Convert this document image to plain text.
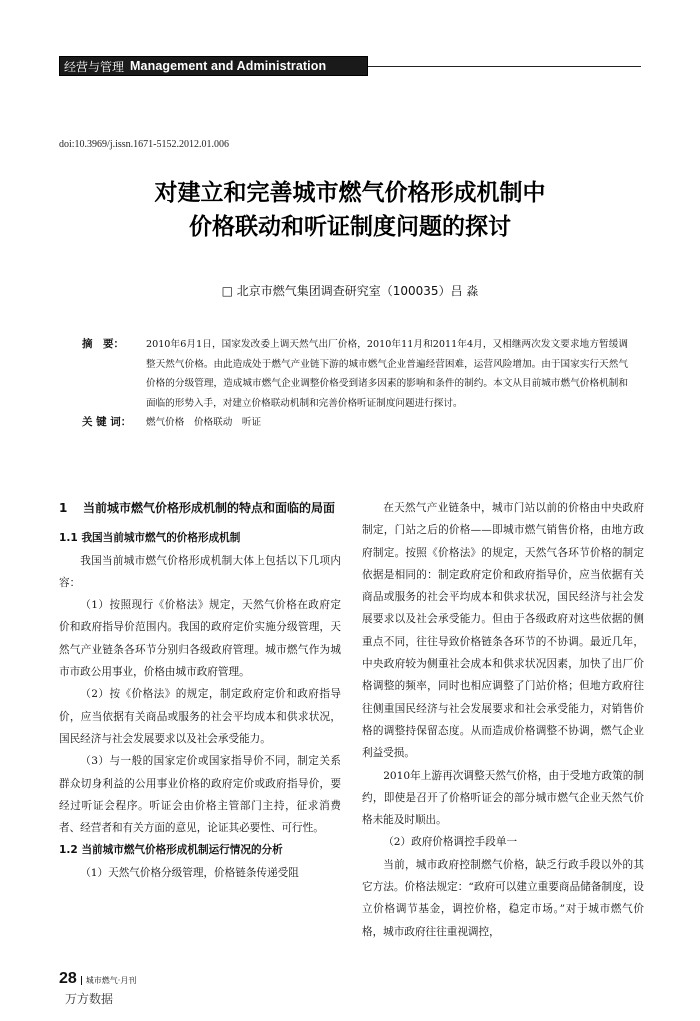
经营与管理 Management and Administration
doi:10.3969/j.issn.1671-5152.2012.01.006
对建立和完善城市燃气价格形成机制中
价格联动和听证制度问题的探讨
□ 北京市燃气集团调查研究室（100035）吕 淼
摘　要：	2010年6月1日，国家发改委上调天然气出厂价格，2010年11月和2011年4月，又相继两次发文要求地方暂缓调整天然气价格。由此造成处于燃气产业链下游的城市燃气企业普遍经营困难，运营风险增加。由于国家实行天然气价格的分级管理，造成城市燃气企业调整价格受到诸多因素的影响和条件的制约。本文从目前城市燃气价格机制和面临的形势入手，对建立价格联动机制和完善价格听证制度问题进行探讨。
关 键 词：	燃气价格　价格联动　听证
1	当前城市燃气价格形成机制的特点和面临的局面
1.1 我国当前城市燃气的价格形成机制

我国当前城市燃气价格形成机制大体上包括以下几项内容：

（1）按照现行《价格法》规定，天然气价格在政府定价和政府指导价范围内。我国的政府定价实施分级管理，天然气产业链条各环节分别归各级政府管理。城市燃气作为城市市政公用事业，价格由城市政府管理。

（2）按《价格法》的规定，制定政府定价和政府指导价，应当依据有关商品或服务的社会平均成本和供求状况，国民经济与社会发展要求以及社会承受能力。

（3）与一般的国家定价或国家指导价不同，制定关系群众切身利益的公用事业价格的政府定价或政府指导价，要经过听证会程序。听证会由价格主管部门主持，征求消费者、经营者和有关方面的意见，论证其必要性、可行性。

1.2 当前城市燃气价格形成机制运行情况的分析

（1）天然气价格分级管理，价格链条传递受阻

在天然气产业链条中，城市门站以前的价格由中央政府制定，门站之后的价格——即城市燃气销售价格，由地方政府制定。按照《价格法》的规定，天然气各环节价格的制定依据是相同的：制定政府定价和政府指导价，应当依据有关商品或服务的社会平均成本和供求状况，国民经济与社会发展要求以及社会承受能力。但由于各级政府对这些依据的侧重点不同，往往导致价格链条各环节的不协调。最近几年，中央政府较为侧重社会成本和供求状况因素，加快了出厂价格调整的频率，同时也相应调整了门站价格；但地方政府往往侧重国民经济与社会发展要求和社会承受能力，对销售价格的调整持保留态度。从而造成价格调整不协调，燃气企业利益受损。

2010年上游再次调整天然气价格，由于受地方政策的制约，即使是召开了价格听证会的部分城市燃气企业天然气价格未能及时顺出。

（2）政府价格调控手段单一

当前，城市政府控制燃气价格，缺乏行政手段以外的其它方法。价格法规定：“政府可以建立重要商品储备制度，设立价格调节基金，调控价格，稳定市场。”对于城市燃气价格，城市政府往往重视调控，

28 城市燃气·月刊
万方数据
